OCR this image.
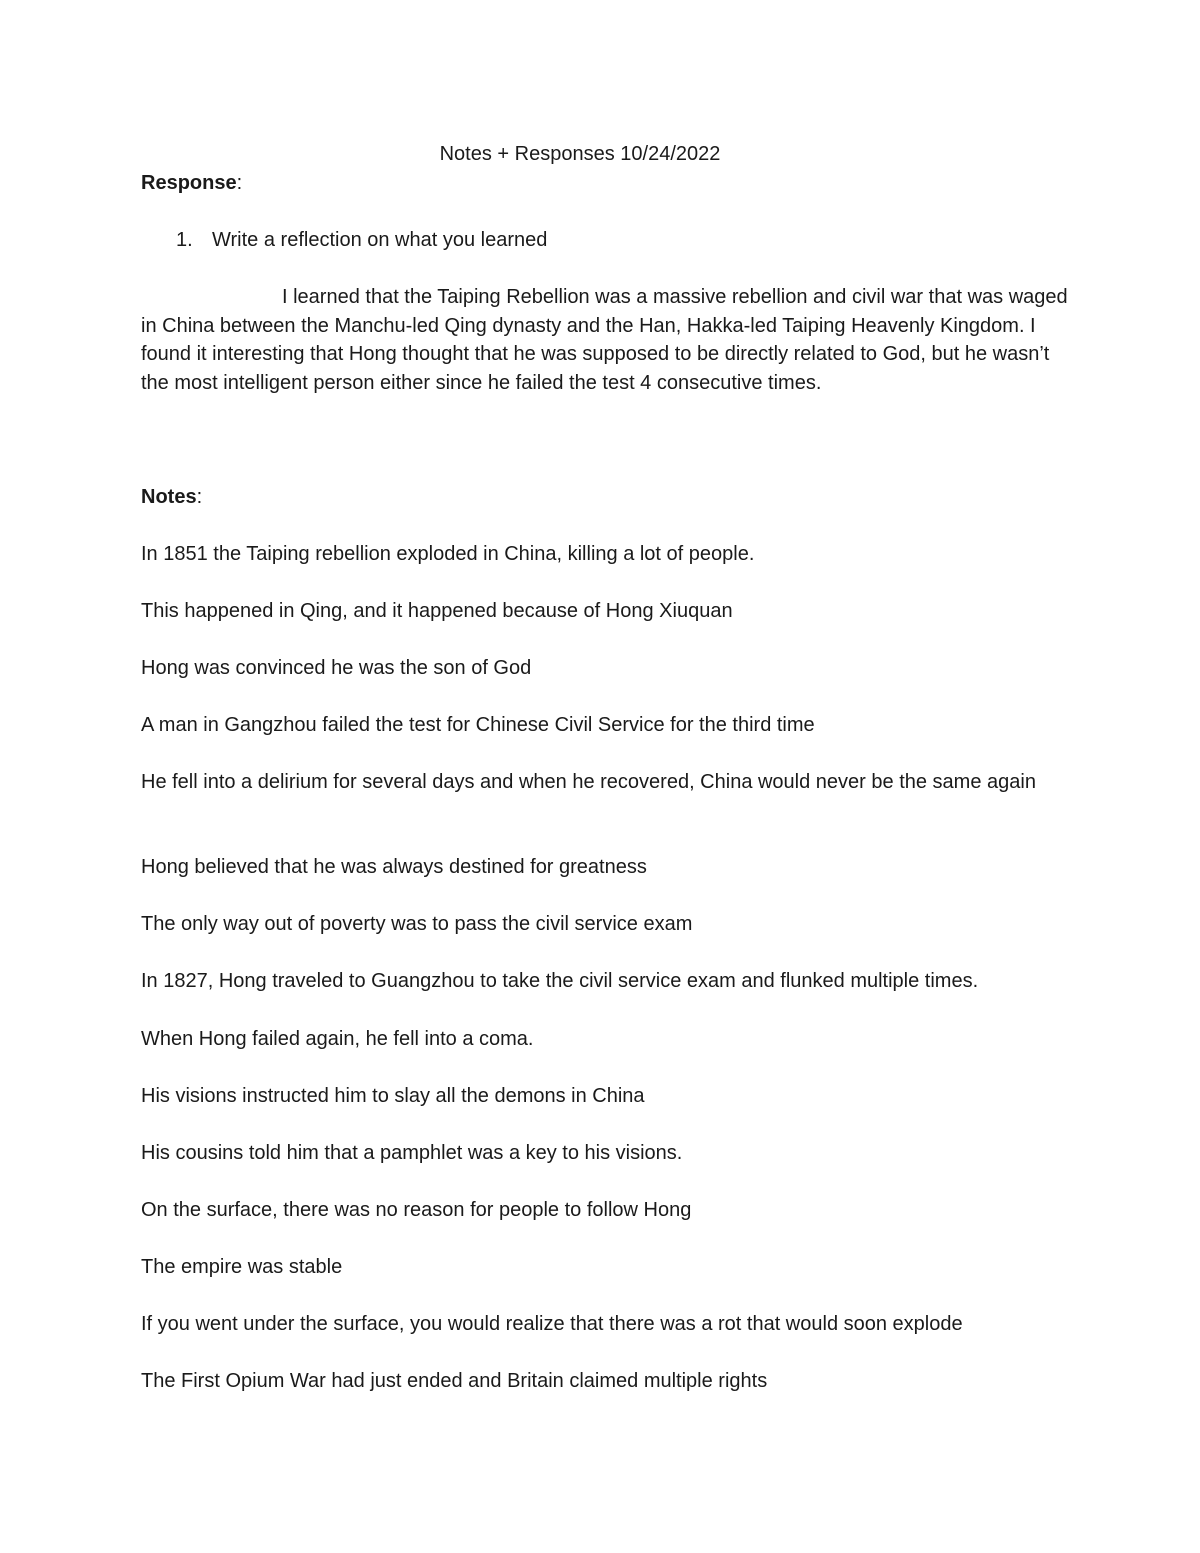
Notes + Responses 10/24/2022
Response:
1. Write a reflection on what you learned
I learned that the Taiping Rebellion was a massive rebellion and civil war that was waged in China between the Manchu-led Qing dynasty and the Han, Hakka-led Taiping Heavenly Kingdom. I found it interesting that Hong thought that he was supposed to be directly related to God, but he wasn’t the most intelligent person either since he failed the test 4 consecutive times.
Notes:
In 1851 the Taiping rebellion exploded in China, killing a lot of people.
This happened in Qing, and it happened because of Hong Xiuquan
Hong was convinced he was the son of God
A man in Gangzhou failed the test for Chinese Civil Service for the third time
He fell into a delirium for several days and when he recovered, China would never be the same again
Hong believed that he was always destined for greatness
The only way out of poverty was to pass the civil service exam
In 1827, Hong traveled to Guangzhou to take the civil service exam and flunked multiple times.
When Hong failed again, he fell into a coma.
His visions instructed him to slay all the demons in China
His cousins told him that a pamphlet was a key to his visions.
On the surface, there was no reason for people to follow Hong
The empire was stable
If you went under the surface, you would realize that there was a rot that would soon explode
The First Opium War had just ended and Britain claimed multiple rights
